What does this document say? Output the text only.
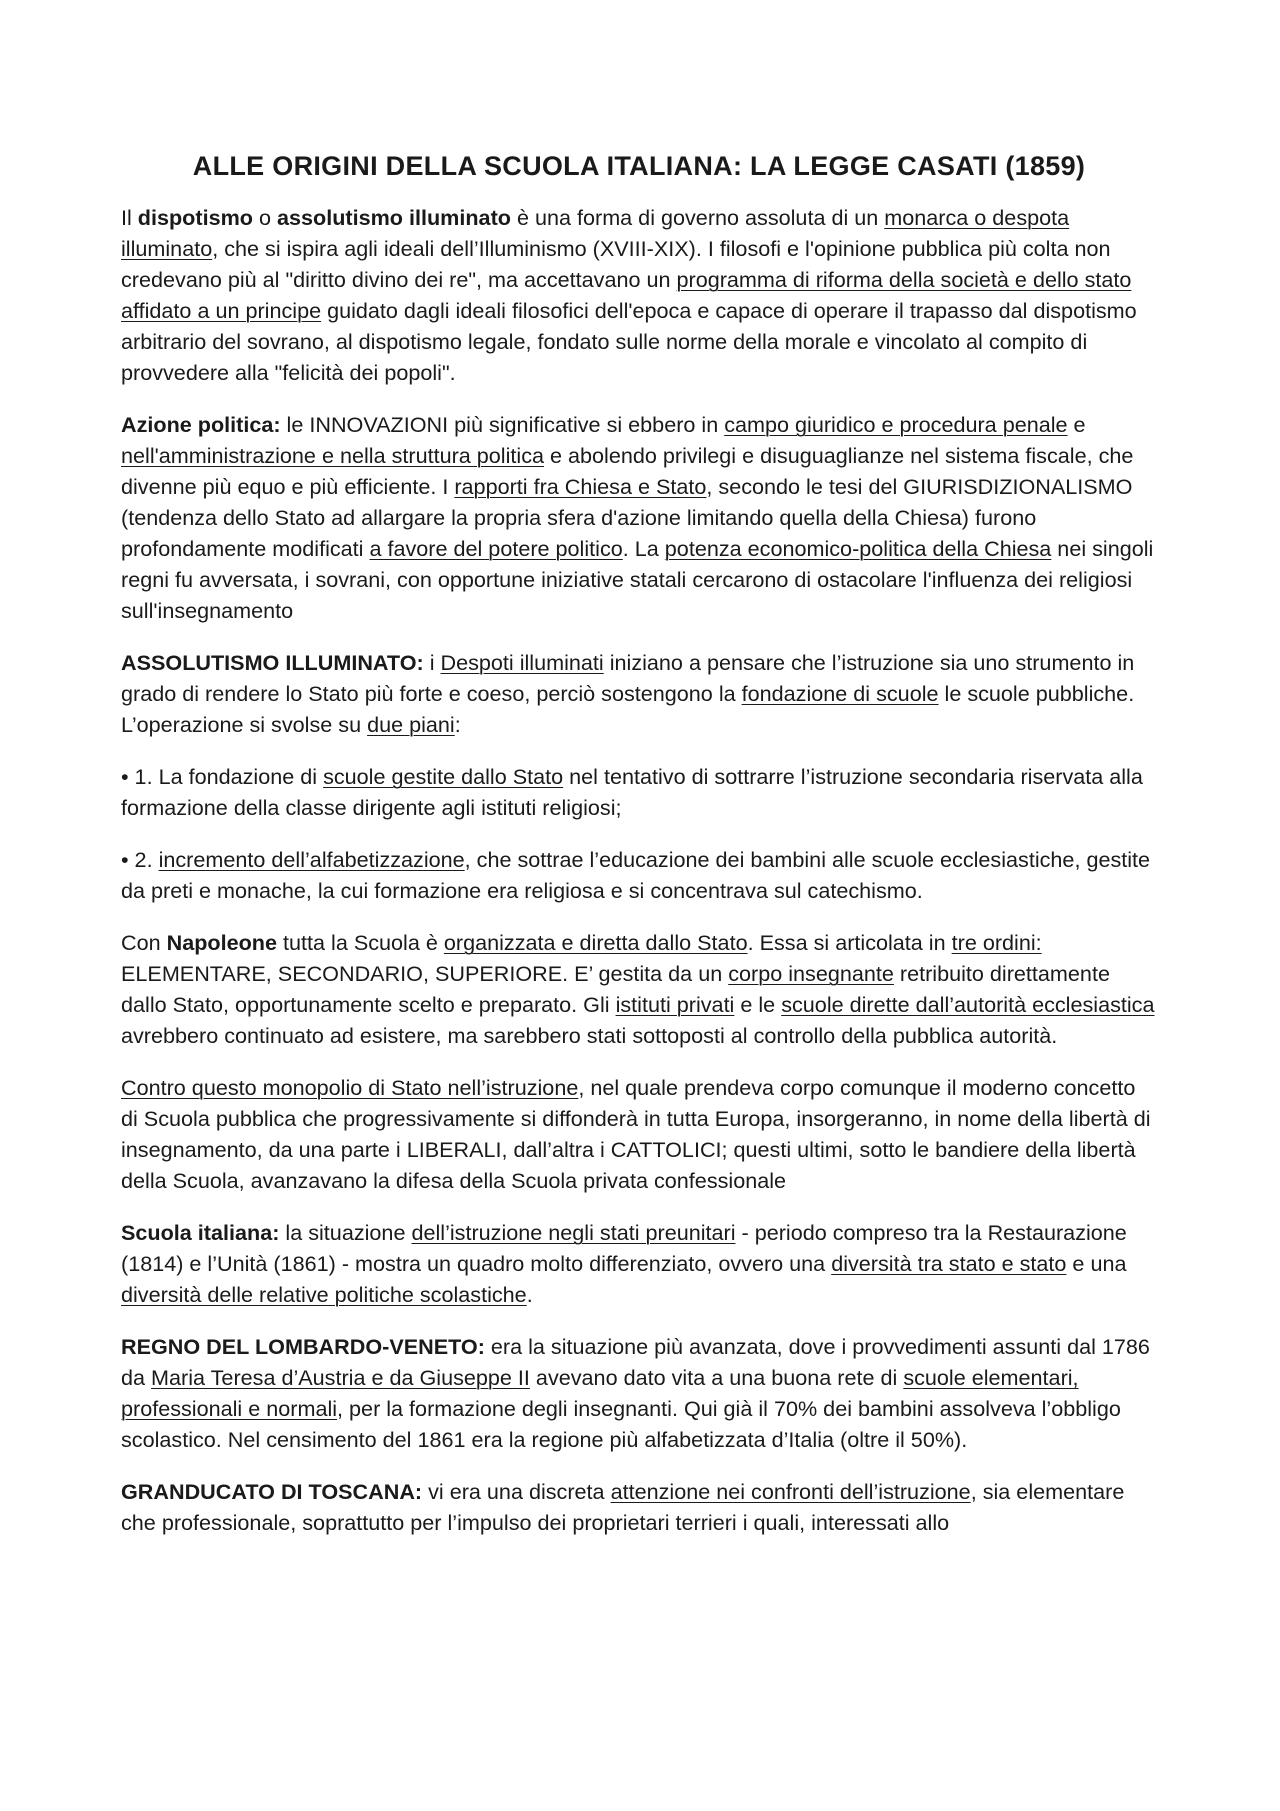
ALLE ORIGINI DELLA SCUOLA ITALIANA: LA LEGGE CASATI (1859)

Il dispotismo o assolutismo illuminato è una forma di governo assoluta di un monarca o despota illuminato, che si ispira agli ideali dell’Illuminismo (XVIII-XIX). I filosofi e l'opinione pubblica più colta non credevano più al "diritto divino dei re", ma accettavano un programma di riforma della società e dello stato affidato a un principe guidato dagli ideali filosofici dell'epoca e capace di operare il trapasso dal dispotismo arbitrario del sovrano, al dispotismo legale, fondato sulle norme della morale e vincolato al compito di provvedere alla "felicità dei popoli".

Azione politica: le INNOVAZIONI più significative si ebbero in campo giuridico e procedura penale e nell'amministrazione e nella struttura politica e abolendo privilegi e disuguaglianze nel sistema fiscale, che divenne più equo e più efficiente. I rapporti fra Chiesa e Stato, secondo le tesi del GIURISDIZIONALISMO (tendenza dello Stato ad allargare la propria sfera d'azione limitando quella della Chiesa) furono profondamente modificati a favore del potere politico. La potenza economico-politica della Chiesa nei singoli regni fu avversata, i sovrani, con opportune iniziative statali cercarono di ostacolare l'influenza dei religiosi sull'insegnamento

ASSOLUTISMO ILLUMINATO: i Despoti illuminati iniziano a pensare che l’istruzione sia uno strumento in grado di rendere lo Stato più forte e coeso, perciò sostengono la fondazione di scuole le scuole pubbliche. L’operazione si svolse su due piani:

• 1. La fondazione di scuole gestite dallo Stato nel tentativo di sottrarre l’istruzione secondaria riservata alla formazione della classe dirigente agli istituti religiosi;

• 2. incremento dell’alfabetizzazione, che sottrae l’educazione dei bambini alle scuole ecclesiastiche, gestite da preti e monache, la cui formazione era religiosa e si concentrava sul catechismo.

Con Napoleone tutta la Scuola è organizzata e diretta dallo Stato. Essa si articolata in tre ordini: ELEMENTARE, SECONDARIO, SUPERIORE. E’ gestita da un corpo insegnante retribuito direttamente dallo Stato, opportunamente scelto e preparato. Gli istituti privati e le scuole dirette dall’autorità ecclesiastica avrebbero continuato ad esistere, ma sarebbero stati sottoposti al controllo della pubblica autorità.

Contro questo monopolio di Stato nell’istruzione, nel quale prendeva corpo comunque il moderno concetto di Scuola pubblica che progressivamente si diffonderà in tutta Europa, insorgeranno, in nome della libertà di insegnamento, da una parte i LIBERALI, dall’altra i CATTOLICI; questi ultimi, sotto le bandiere della libertà della Scuola, avanzavano la difesa della Scuola privata confessionale

Scuola italiana: la situazione dell’istruzione negli stati preunitari - periodo compreso tra la Restaurazione (1814) e l’Unità (1861) - mostra un quadro molto differenziato, ovvero una diversità tra stato e stato e una diversità delle relative politiche scolastiche.

REGNO DEL LOMBARDO-VENETO: era la situazione più avanzata, dove i provvedimenti assunti dal 1786 da Maria Teresa d’Austria e da Giuseppe II avevano dato vita a una buona rete di scuole elementari, professionali e normali, per la formazione degli insegnanti. Qui già il 70% dei bambini assolveva l’obbligo scolastico. Nel censimento del 1861 era la regione più alfabetizzata d’Italia (oltre il 50%).

GRANDUCATO DI TOSCANA: vi era una discreta attenzione nei confronti dell’istruzione, sia elementare che professionale, soprattutto per l’impulso dei proprietari terrieri i quali, interessati allo
